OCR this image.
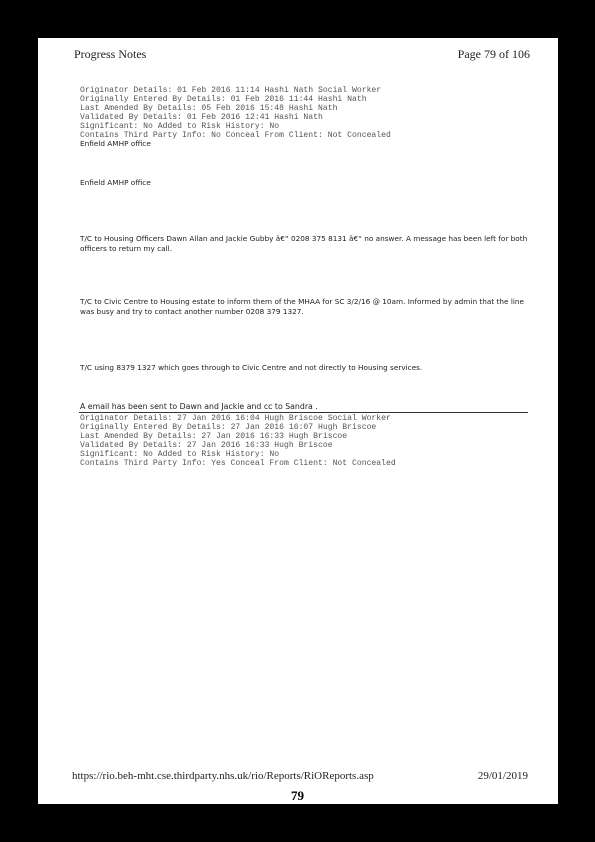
Progress Notes	Page 79 of 106
Originator Details: 01 Feb 2016 11:14 Hashi Nath Social Worker
Originally Entered By Details: 01 Feb 2016 11:44 Hashi Nath
Last Amended By Details: 05 Feb 2016 15:48 Hashi Nath
Validated By Details: 01 Feb 2016 12:41 Hashi Nath
Significant: No Added to Risk History: No
Contains Third Party Info: No Conceal From Client: Not Concealed
Enfield AMHP office
Enfield AMHP office
T/C to Housing Officers Dawn Allan and Jackie Gubby â€“ 0208 375 8131 â€“ no answer. A message has been left for both officers to return my call.
T/C to Civic Centre to Housing estate to inform them of the MHAA for SC 3/2/16 @ 10am. Informed by admin that the line was busy and try to contact another number 0208 379 1327.
T/C using 8379 1327 which goes through to Civic Centre and not directly to Housing services.
A email has been sent to Dawn and Jackie and cc to Sandra .
Originator Details: 27 Jan 2016 16:04 Hugh Briscoe Social Worker
Originally Entered By Details: 27 Jan 2016 16:07 Hugh Briscoe
Last Amended By Details: 27 Jan 2016 16:33 Hugh Briscoe
Validated By Details: 27 Jan 2016 16:33 Hugh Briscoe
Significant: No Added to Risk History: No
Contains Third Party Info: Yes Conceal From Client: Not Concealed
https://rio.beh-mht.cse.thirdparty.nhs.uk/rio/Reports/RiOReports.asp	29/01/2019
79
